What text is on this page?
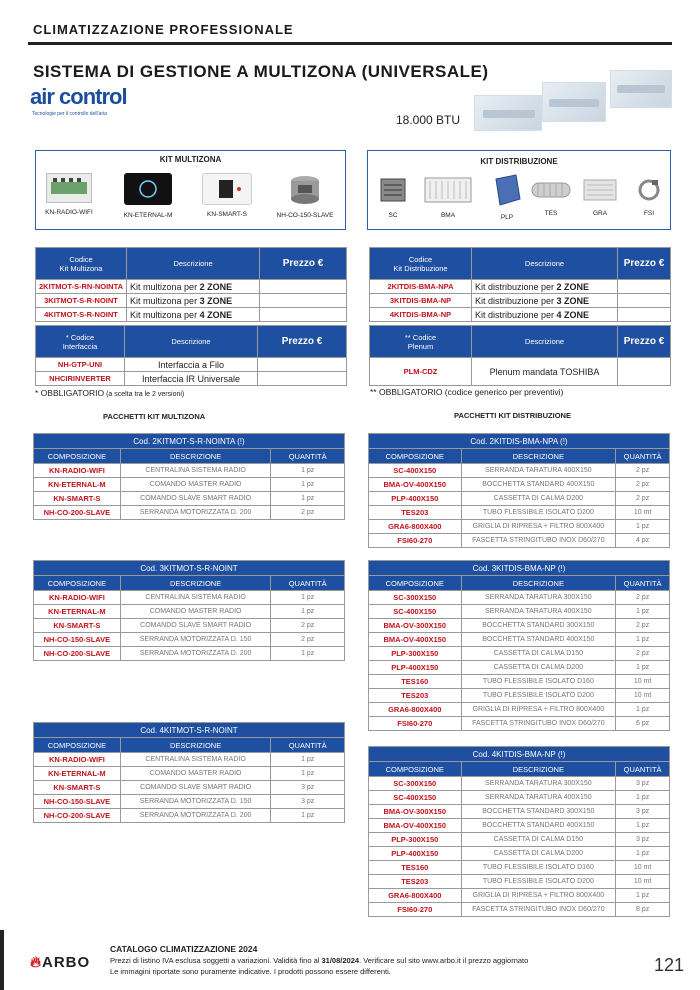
CLIMATIZZAZIONE PROFESSIONALE
SISTEMA DI GESTIONE A MULTIZONA (UNIVERSALE)
air control
Tecnologie per il controllo dell'aria	18.000 BTU
KIT MULTIZONA
KN-RADIO-WIFI	KN-ETERNAL-M	KN-SMART-S	NH-CO-150-SLAVE
KIT DISTRIBUZIONE
SC	BMA	PLP
TES	GRA	FSI
Codice
Kit Multizona	Descrizione	Prezzo €
2KITMOT-S-RN-NOINTA	Kit multizona per 2 ZONE	
3KITMOT-S-R-NOINT	Kit multizona per 3 ZONE	
4KITMOT-S-R-NOINT	Kit multizona per 4 ZONE	
Codice
Kit Distribuzione	Descrizione	Prezzo €
2KITDIS-BMA-NPA	Kit distribuzione per 2 ZONE	
3KITDIS-BMA-NP	Kit distribuzione per 3 ZONE	
4KITDIS-BMA-NP	Kit distribuzione per 4 ZONE	
* Codice
Interfaccia	Descrizione	Prezzo €
NH-GTP-UNI	Interfaccia a Filo	
NHCIRINVERTER	Interfaccia IR Universale	
** Codice
Plenum	Descrizione	Prezzo €
PLM-CDZ	Plenum mandata TOSHIBA	
* OBBLIGATORIO (a scelta tra le 2 versioni)	** OBBLIGATORIO (codice generico per preventivi)
PACCHETTI KIT MULTIZONA	PACCHETTI KIT DISTRIBUZIONE
Cod. 2KITMOT-S-R-NOINTA (!)		
COMPOSIZIONE	DESCRIZIONE	QUANTITÀ
KN-RADIO-WIFI	CENTRALINA SISTEMA RADIO	1 pz
KN-ETERNAL-M	COMANDO MASTER RADIO	1 pz
KN-SMART-S	COMANDO SLAVE SMART RADIO	1 pz
NH-CO-200-SLAVE	SERRANDA MOTORIZZATA D. 200	2 pz
Cod. 3KITMOT-S-R-NOINT		
COMPOSIZIONE	DESCRIZIONE	QUANTITÀ
KN-RADIO-WIFI	CENTRALINA SISTEMA RADIO	1 pz
KN-ETERNAL-M	COMANDO MASTER RADIO	1 pz
KN-SMART-S	COMANDO SLAVE SMART RADIO	2 pz
NH-CO-150-SLAVE	SERRANDA MOTORIZZATA D. 150	2 pz
NH-CO-200-SLAVE	SERRANDA MOTORIZZATA D. 200	1 pz
Cod. 4KITMOT-S-R-NOINT		
COMPOSIZIONE	DESCRIZIONE	QUANTITÀ
KN-RADIO-WIFI	CENTRALINA SISTEMA RADIO	1 pz
KN-ETERNAL-M	COMANDO MASTER RADIO	1 pz
KN-SMART-S	COMANDO SLAVE SMART RADIO	3 pz
NH-CO-150-SLAVE	SERRANDA MOTORIZZATA D. 150	3 pz
NH-CO-200-SLAVE	SERRANDA MOTORIZZATA D. 200	1 pz
Cod. 2KITDIS-BMA-NPA (!)		
COMPOSIZIONE	DESCRIZIONE	QUANTITÀ
SC-400X150	SERRANDA TARATURA 400X150	2 pz
BMA-OV-400X150	BOCCHETTA STANDARD 400X150	2 pz
PLP-400X150	CASSETTA DI CALMA D200	2 pz
TES203	TUBO FLESSIBILE ISOLATO D200	10 mt
GRA6-800X400	GRIGLIA DI RIPRESA + FILTRO 800X400	1 pz
FSI60-270	FASCETTA STRINGITUBO INOX D60/270	4 pz
Cod. 3KITDIS-BMA-NP (!)		
COMPOSIZIONE	DESCRIZIONE	QUANTITÀ
SC-300X150	SERRANDA TARATURA 300X150	2 pz
SC-400X150	SERRANDA TARATURA 400X150	1 pz
BMA-OV-300X150	BOCCHETTA STANDARD 300X150	2 pz
BMA-OV-400X150	BOCCHETTA STANDARD 400X150	1 pz
PLP-300X150	CASSETTA DI CALMA D150	2 pz
PLP-400X150	CASSETTA DI CALMA D200	1 pz
TES160	TUBO FLESSIBILE ISOLATO D160	10 mt
TES203	TUBO FLESSIBILE ISOLATO D200	10 mt
GRA6-800X400	GRIGLIA DI RIPRESA + FILTRO 800X400	1 pz
FSI60-270	FASCETTA STRINGITUBO INOX D60/270	6 pz
Cod. 4KITDIS-BMA-NP (!)		
COMPOSIZIONE	DESCRIZIONE	QUANTITÀ
SC-300X150	SERRANDA TARATURA 300X150	3 pz
SC-400X150	SERRANDA TARATURA 400X150	1 pz
BMA-OV-300X150	BOCCHETTA STANDARD 300X150	3 pz
BMA-OV-400X150	BOCCHETTA STANDARD 400X150	1 pz
PLP-300X150	CASSETTA DI CALMA D150	3 pz
PLP-400X150	CASSETTA DI CALMA D200	1 pz
TES160	TUBO FLESSIBILE ISOLATO D160	10 mt
TES203	TUBO FLESSIBILE ISOLATO D200	10 mt
GRA6-800X400	GRIGLIA DI RIPRESA + FILTRO 800X400	1 pz
FSI60-270	FASCETTA STRINGITUBO INOX D60/270	8 pz
🔥︎ARBO
CATALOGO CLIMATIZZAZIONE 2024
Prezzi di listino IVA esclusa soggetti a variazioni. Validità fino al 31/08/2024. Verificare sul sito www.arbo.it il prezzo aggiornato
Le immagini riportate sono puramente indicative. I prodotti possono essere differenti.	121
